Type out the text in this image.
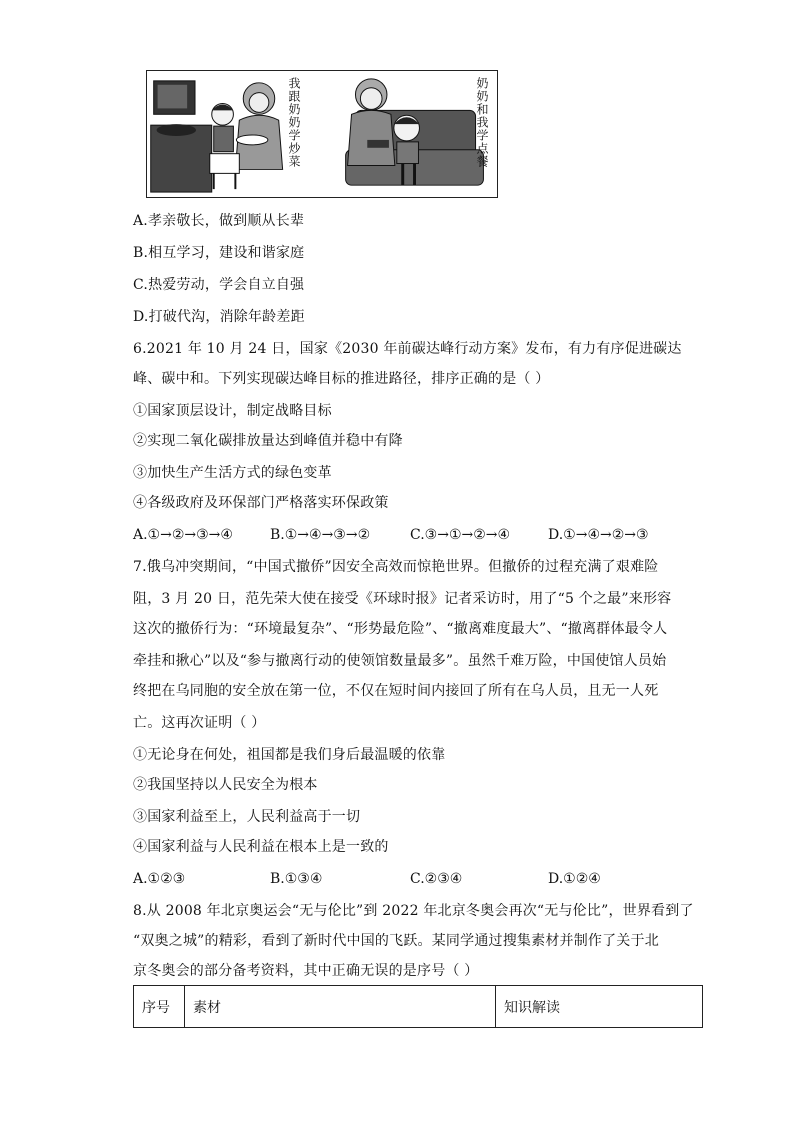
我跟奶奶学炒菜	奶奶和我学点餐
A.孝亲敬长，做到顺从长辈
B.相互学习，建设和谐家庭
C.热爱劳动，学会自立自强
D.打破代沟，消除年龄差距
6.2021 年 10 月 24 日，国家《2030 年前碳达峰行动方案》发布，有力有序促进碳达
峰、碳中和。下列实现碳达峰目标的推进路径，排序正确的是（ ）
①国家顶层设计，制定战略目标
②实现二氧化碳排放量达到峰值并稳中有降
③加快生产生活方式的绿色变革
④各级政府及环保部门严格落实环保政策
A.①→②→③→④	B.①→④→③→②	C.③→①→②→④	D.①→④→②→③
7.俄乌冲突期间，“中国式撤侨”因安全高效而惊艳世界。但撤侨的过程充满了艰难险
阻，3 月 20 日，范先荣大使在接受《环球时报》记者采访时，用了“5 个之最”来形容
这次的撤侨行为：“环境最复杂”、“形势最危险”、“撤离难度最大”、“撤离群体最令人
牵挂和揪心”以及“参与撤离行动的使领馆数量最多”。虽然千难万险，中国使馆人员始
终把在乌同胞的安全放在第一位，不仅在短时间内接回了所有在乌人员，且无一人死
亡。这再次证明（ ）
①无论身在何处，祖国都是我们身后最温暖的依靠
②我国坚持以人民安全为根本
③国家利益至上，人民利益高于一切
④国家利益与人民利益在根本上是一致的
A.①②③	B.①③④	C.②③④	D.①②④
8.从 2008 年北京奥运会“无与伦比”到 2022 年北京冬奥会再次“无与伦比”，世界看到了
“双奥之城”的精彩，看到了新时代中国的飞跃。某同学通过搜集素材并制作了关于北
京冬奥会的部分备考资料，其中正确无误的是序号（ ）
序号	素材	知识解读
